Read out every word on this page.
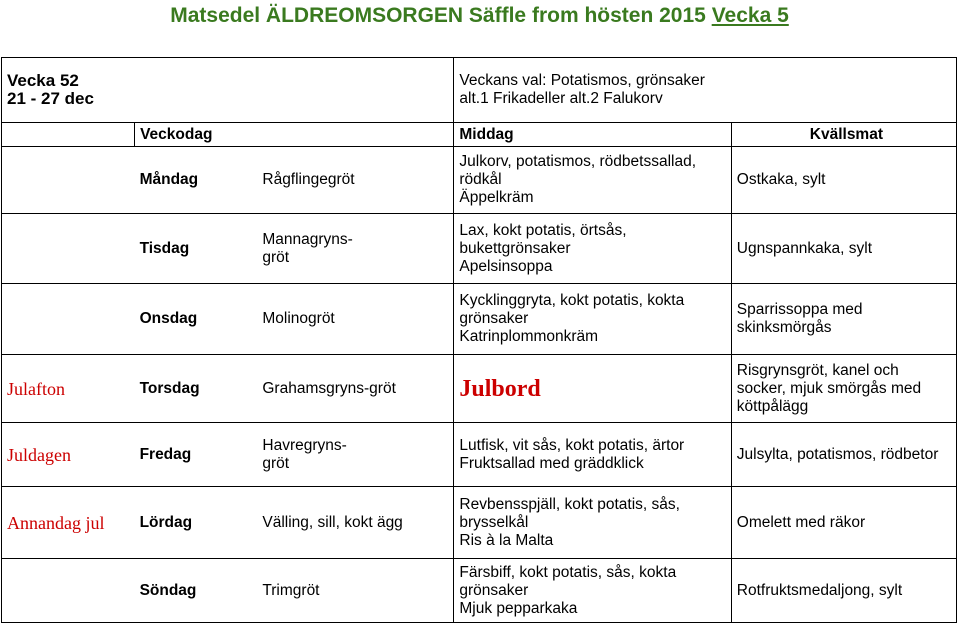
Matsedel ÄLDREOMSORGEN Säffle from hösten 2015 Vecka 5
Vecka 52
21 - 27 dec			Veckans val: Potatismos, grönsaker
alt.1 Frikadeller alt.2 Falukorv	

	Veckodag		Middag	Kvällsmat
	Måndag	Rågflingegröt	Julkorv, potatismos, rödbetssallad,
rödkål
Äppelkräm	Ostkaka, sylt

	Tisdag	Mannagryns-
gröt	Lax, kokt potatis, örtsås,
bukettgrönsaker
Apelsinsoppa	Ugnspannkaka, sylt

	Onsdag	Molinogröt	Kycklinggryta, kokt potatis, kokta
grönsaker
Katrinplommonkräm	Sparrissoppa med
skinksmörgås

Julafton	Torsdag	Grahamsgryns-gröt	Julbord	Risgrynsgröt, kanel och
socker, mjuk smörgås med
köttpålägg

Juldagen	Fredag	Havregryns-
gröt	Lutfisk, vit sås, kokt potatis, ärtor
Fruktsallad med gräddklick	Julsylta, potatismos, rödbetor

Annandag jul	Lördag	Välling, sill, kokt ägg	Revbensspjäll, kokt potatis, sås,
brysselkål
Ris à la Malta	Omelett med räkor

	Söndag	Trimgröt	Färsbiff, kokt potatis, sås, kokta
grönsaker
Mjuk pepparkaka	Rotfruktsmedaljong, sylt
